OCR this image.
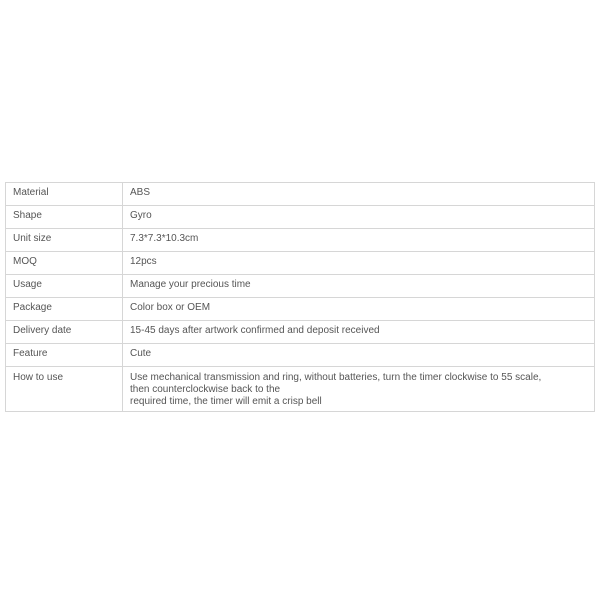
Material	ABS
Shape	Gyro
Unit size	7.3*7.3*10.3cm
MOQ	12pcs
Usage	Manage your precious time
Package	Color box or OEM
Delivery date	15-45 days after artwork confirmed and deposit received
Feature	Cute
How to use	Use mechanical transmission and ring, without batteries, turn the timer clockwise to 55 scale,
then counterclockwise back to the
required time, the timer will emit a crisp bell
